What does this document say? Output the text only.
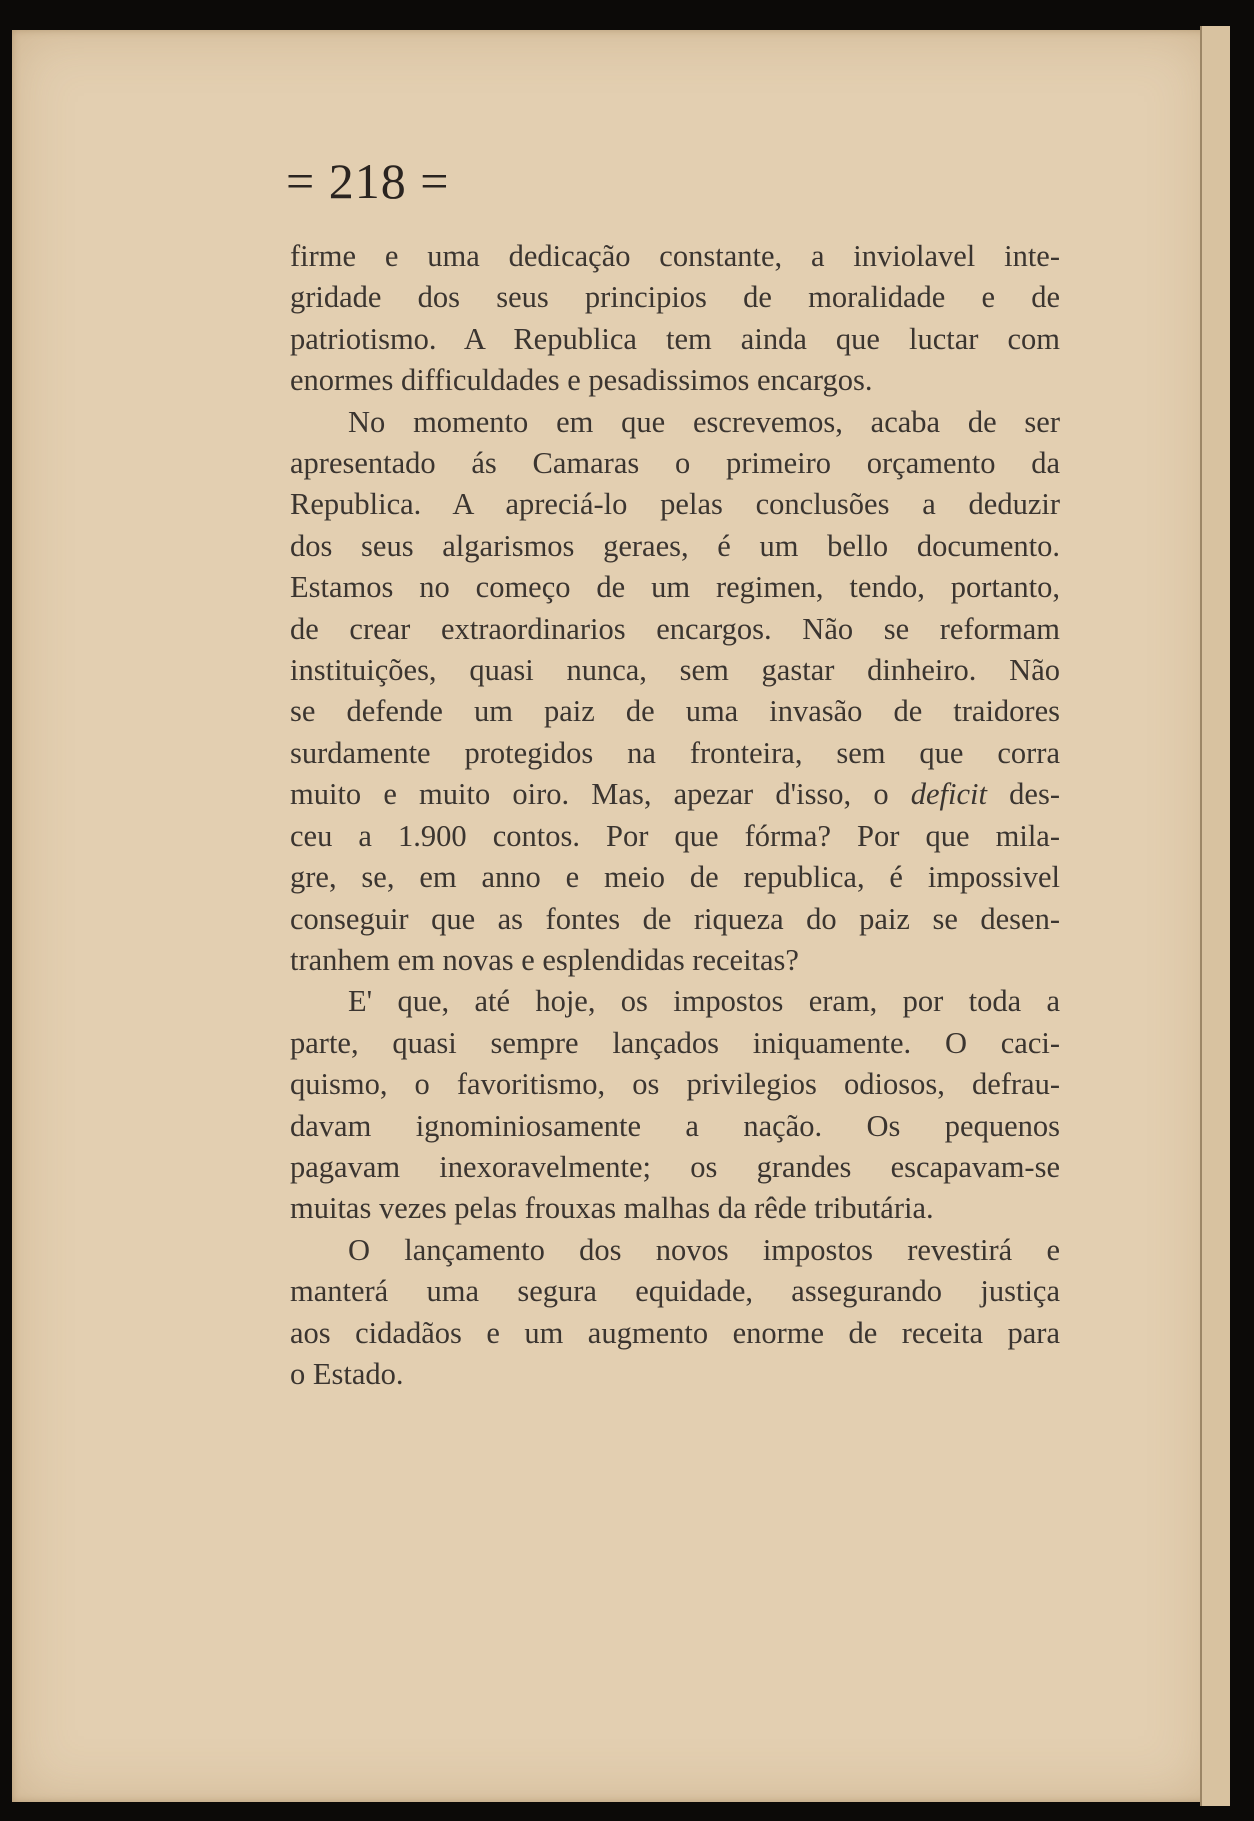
= 218 =
firme e uma dedicação constante, a inviolavel inte-
gridade dos seus principios de moralidade e de
patriotismo. A Republica tem ainda que luctar com
enormes difficuldades e pesadissimos encargos.
No momento em que escrevemos, acaba de ser
apresentado ás Camaras o primeiro orçamento da
Republica. A apreciá-lo pelas conclusões a deduzir
dos seus algarismos geraes, é um bello documento.
Estamos no começo de um regimen, tendo, portanto,
de crear extraordinarios encargos. Não se reformam
instituições, quasi nunca, sem gastar dinheiro. Não
se defende um paiz de uma invasão de traidores
surdamente protegidos na fronteira, sem que corra
muito e muito oiro. Mas, apezar d'isso, o deficit des-
ceu a 1.900 contos. Por que fórma? Por que mila-
gre, se, em anno e meio de republica, é impossivel
conseguir que as fontes de riqueza do paiz se desen-
tranhem em novas e esplendidas receitas?
E' que, até hoje, os impostos eram, por toda a
parte, quasi sempre lançados iniquamente. O caci-
quismo, o favoritismo, os privilegios odiosos, defrau-
davam ignominiosamente a nação. Os pequenos
pagavam inexoravelmente; os grandes escapavam-se
muitas vezes pelas frouxas malhas da rêde tributária.
O lançamento dos novos impostos revestirá e
manterá uma segura equidade, assegurando justiça
aos cidadãos e um augmento enorme de receita para
o Estado.
